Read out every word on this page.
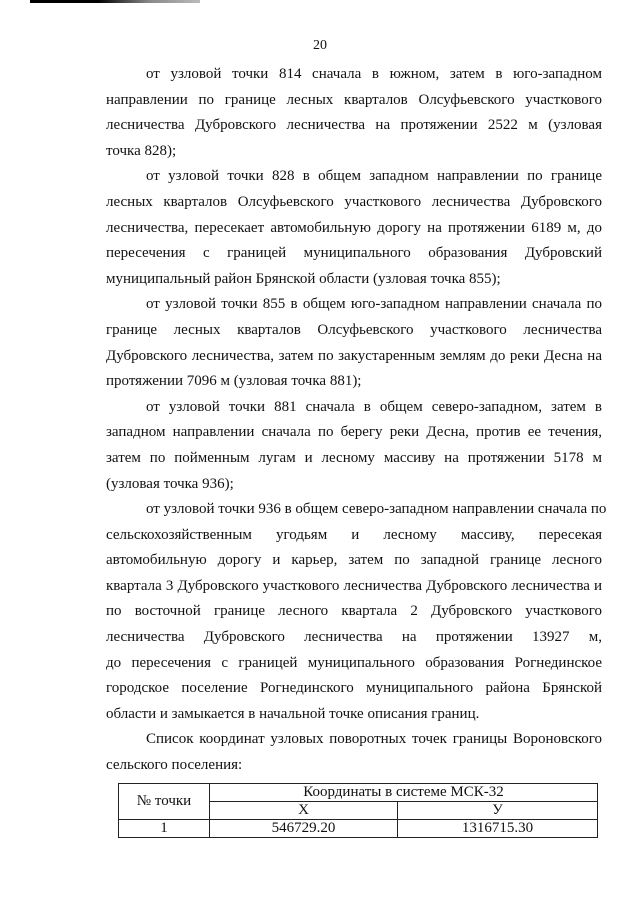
20
от узловой точки 814 сначала в южном, затем в юго-западном
направлении по границе лесных кварталов Олсуфьевского участкового
лесничества Дубровского лесничества на протяжении 2522 м (узловая
точка 828);
от узловой точки 828 в общем западном направлении по границе
лесных кварталов Олсуфьевского участкового лесничества Дубровского
лесничества, пересекает автомобильную дорогу на протяжении 6189 м, до
пересечения с границей муниципального образования Дубровский
муниципальный район Брянской области (узловая точка 855);
от узловой точки 855 в общем юго-западном направлении сначала по
границе лесных кварталов Олсуфьевского участкового лесничества
Дубровского лесничества, затем по закустаренным землям до реки Десна на
протяжении 7096 м (узловая точка 881);
от узловой точки 881 сначала в общем северо-западном, затем в
западном направлении сначала по берегу реки Десна, против ее течения,
затем по пойменным лугам и лесному массиву на протяжении 5178 м
(узловая точка 936);
от узловой точки 936 в общем северо-западном направлении сначала по
сельскохозяйственным угодьям и лесному массиву, пересекая
автомобильную дорогу и карьер, затем по западной границе лесного
квартала 3 Дубровского участкового лесничества Дубровского лесничества и
по восточной границе лесного квартала 2 Дубровского участкового
лесничества Дубровского лесничества на протяжении 13927 м,
до пересечения с границей муниципального образования Рогнединское
городское поселение Рогнединского муниципального района Брянской
области и замыкается в начальной точке описания границ.
Список координат узловых поворотных точек границы Вороновского
сельского поселения:
№ точки	Координаты в системе МСК-32	
	X	У
1	546729.20	1316715.30
